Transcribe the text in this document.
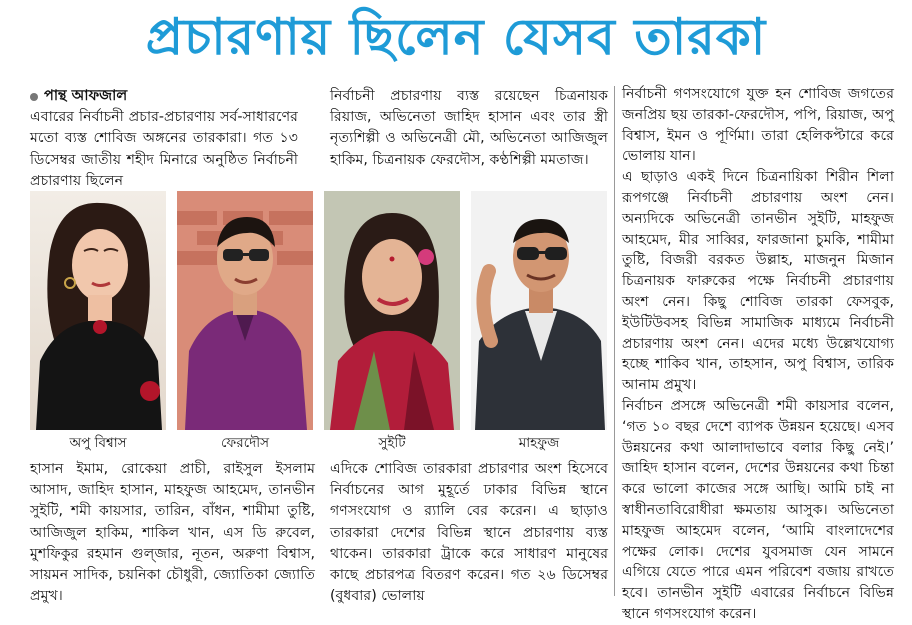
প্রচারণায় ছিলেন যেসব তারকা
পান্থ আফজাল

এবারের নির্বাচনী প্রচার-প্রচারণায় সর্ব-সাধারণের মতো ব্যস্ত শোবিজ অঙ্গনের তারকারা। গত ১৩ ডিসেম্বর জাতীয় শহীদ মিনারে অনুষ্ঠিত নির্বাচনী প্রচারণায় ছিলেন

নির্বাচনী প্রচারণায় ব্যস্ত রয়েছেন চিত্রনায়ক রিয়াজ, অভিনেতা জাহিদ হাসান এবং তার স্ত্রী নৃত্যশিল্পী ও অভিনেত্রী মৌ, অভিনেতা আজিজুল হাকিম, চিত্রনায়ক ফেরদৌস, কণ্ঠশিল্পী মমতাজ।

নির্বাচনী গণসংযোগে যুক্ত হন শোবিজ জগতের জনপ্রিয় ছয় তারকা-ফেরদৌস, পপি, রিয়াজ, অপু বিশ্বাস, ইমন ও পূর্ণিমা। তারা হেলিকপ্টারে করে ভোলায় যান।

এ ছাড়াও একই দিনে চিত্রনায়িকা শিরীন শিলা রূপগঞ্জে নির্বাচনী প্রচারণায় অংশ নেন। অন্যদিকে অভিনেত্রী তানভীন সুইটি, মাহফুজ আহমেদ, মীর সাব্বির, ফারজানা চুমকি, শামীমা তুষ্টি, বিজরী বরকত উল্লাহ, মাজনুন মিজান চিত্রনায়ক ফারুকের পক্ষে নির্বাচনী প্রচারণায় অংশ নেন। কিছু শোবিজ তারকা ফেসবুক, ইউটিউবসহ বিভিন্ন সামাজিক মাধ্যমে নির্বাচনী প্রচারণায় অংশ নেন। এদের মধ্যে উল্লেখযোগ্য হচ্ছে শাকিব খান, তাহসান, অপু বিশ্বাস, তারিক আনাম প্রমুখ।

নির্বাচন প্রসঙ্গে অভিনেত্রী শমী কায়সার বলেন, ‘গত ১০ বছর দেশে ব্যাপক উন্নয়ন হয়েছে। এসব উন্নয়নের কথা আলাদাভাবে বলার কিছু নেই।’ জাহিদ হাসান বলেন, দেশের উন্নয়নের কথা চিন্তা করে ভালো কাজের সঙ্গে আছি। আমি চাই না স্বাধীনতাবিরোধীরা ক্ষমতায় আসুক। অভিনেতা মাহফুজ আহমেদ বলেন, ‘আমি বাংলাদেশের পক্ষের লোক। দেশের যুবসমাজ যেন সামনে এগিয়ে যেতে পারে এমন পরিবেশ বজায় রাখতে হবে। তানভীন সুইটি এবারের নির্বাচনে বিভিন্ন স্থানে গণসংযোগ করেন।

অপু বিশ্বাস	ফেরদৌস	সুইটি	মাহফুজ

হাসান ইমাম, রোকেয়া প্রাচী, রাইসুল ইসলাম আসাদ, জাহিদ হাসান, মাহফুজ আহমেদ, তানভীন সুইটি, শমী কায়সার, তারিন, বাঁধন, শামীমা তুষ্টি, আজিজুল হাকিম, শাকিল খান, এস ডি রুবেল, মুশফিকুর রহমান গুল্জার, নূতন, অরুণা বিশ্বাস, সায়মন সাদিক, চয়নিকা চৌধুরী, জ্যোতিকা জ্যোতি প্রমুখ।

এদিকে শোবিজ তারকারা প্রচারণার অংশ হিসেবে নির্বাচনের আগ মুহূর্তে ঢাকার বিভিন্ন স্থানে গণসংযোগ ও র‍্যালি বের করেন। এ ছাড়াও তারকারা দেশের বিভিন্ন স্থানে প্রচারণায় ব্যস্ত থাকেন। তারকারা ট্রাকে করে সাধারণ মানুষের কাছে প্রচারপত্র বিতরণ করেন। গত ২৬ ডিসেম্বর (বুধবার) ভোলায়
